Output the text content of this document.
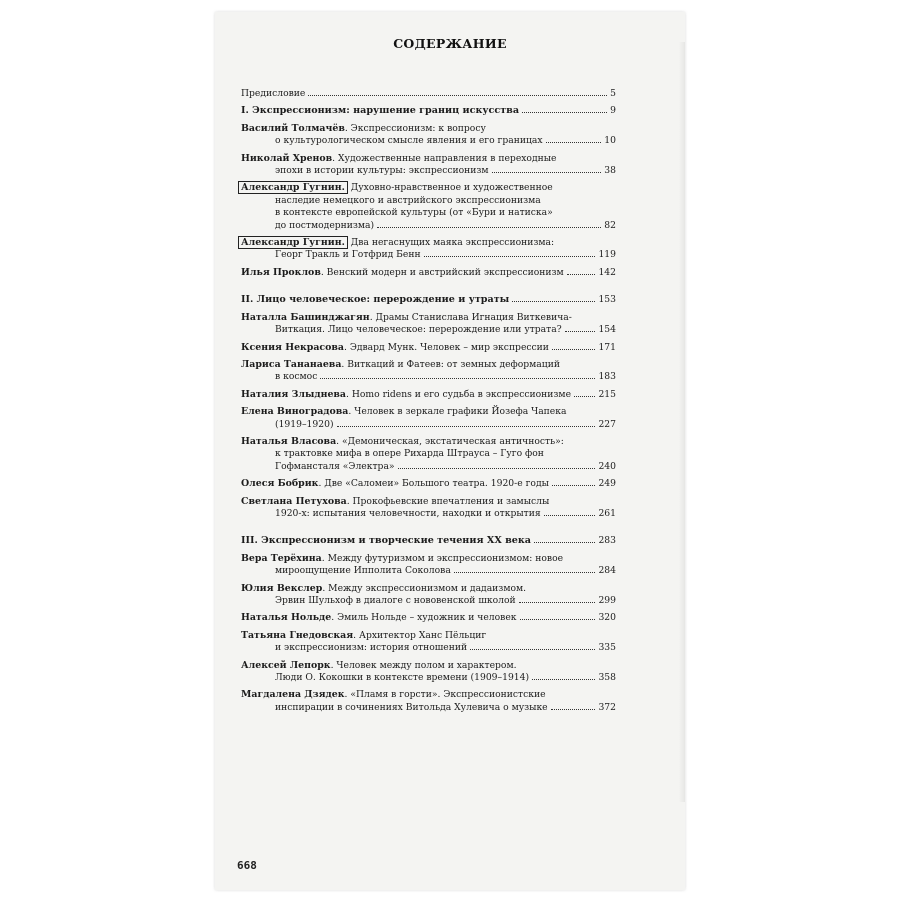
СОДЕРЖАНИЕ
Предисловие	5
I. Экспрессионизм: нарушение границ искусства	9
Василий Толмачёв. Экспрессионизм: к вопросу
о культурологическом смысле явления и его границах	10
Николай Хренов. Художественные направления в переходные
эпохи в истории культуры: экспрессионизм	38
Александр Гугнин. Духовно-нравственное и художественное
наследие немецкого и австрийского экспрессионизма
в контексте европейской культуры (от «Бури и натиска»
до постмодернизма)	82
Александр Гугнин. Два негаснущих маяка экспрессионизма:
Георг Тракль и Готфрид Бенн	119
Илья Проклов. Венский модерн и австрийский экспрессионизм	142
II. Лицо человеческое: перерождение и утраты	153
Наталла Башинджагян. Драмы Станислава Игнация Виткевича-
Виткация. Лицо человеческое: перерождение или утрата?	154
Ксения Некрасова. Эдвард Мунк. Человек – мир экспрессии	171
Лариса Тананаева. Виткаций и Фатеев: от земных деформаций
в космос	183
Наталия Злыднева. Homo ridens и его судьба в экспрессионизме	215
Елена Виноградова. Человек в зеркале графики Йозефа Чапека
(1919–1920)	227
Наталья Власова. «Демоническая, экстатическая античность»:
к трактовке мифа в опере Рихарда Штрауса – Гуго фон
Гофмансталя «Электра»	240
Олеся Бобрик. Две «Саломеи» Большого театра. 1920-е годы	249
Светлана Петухова. Прокофьевские впечатления и замыслы
1920-х: испытания человечности, находки и открытия	261
III. Экспрессионизм и творческие течения XX века	283
Вера Терёхина. Между футуризмом и экспрессионизмом: новое
мироощущение Ипполита Соколова	284
Юлия Векслер. Между экспрессионизмом и дадаизмом.
Эрвин Шульхоф в диалоге с нововенской школой	299
Наталья Нольде. Эмиль Нольде – художник и человек	320
Татьяна Гнедовская. Архитектор Ханс Пёльциг
и экспрессионизм: история отношений	335
Алексей Лепорк. Человек между полом и характером.
Люди О. Кокошки в контексте времени (1909–1914)	358
Магдалена Дзядек. «Пламя в горсти». Экспрессионистские
инспирации в сочинениях Витольда Хулевича о музыке	372
668
